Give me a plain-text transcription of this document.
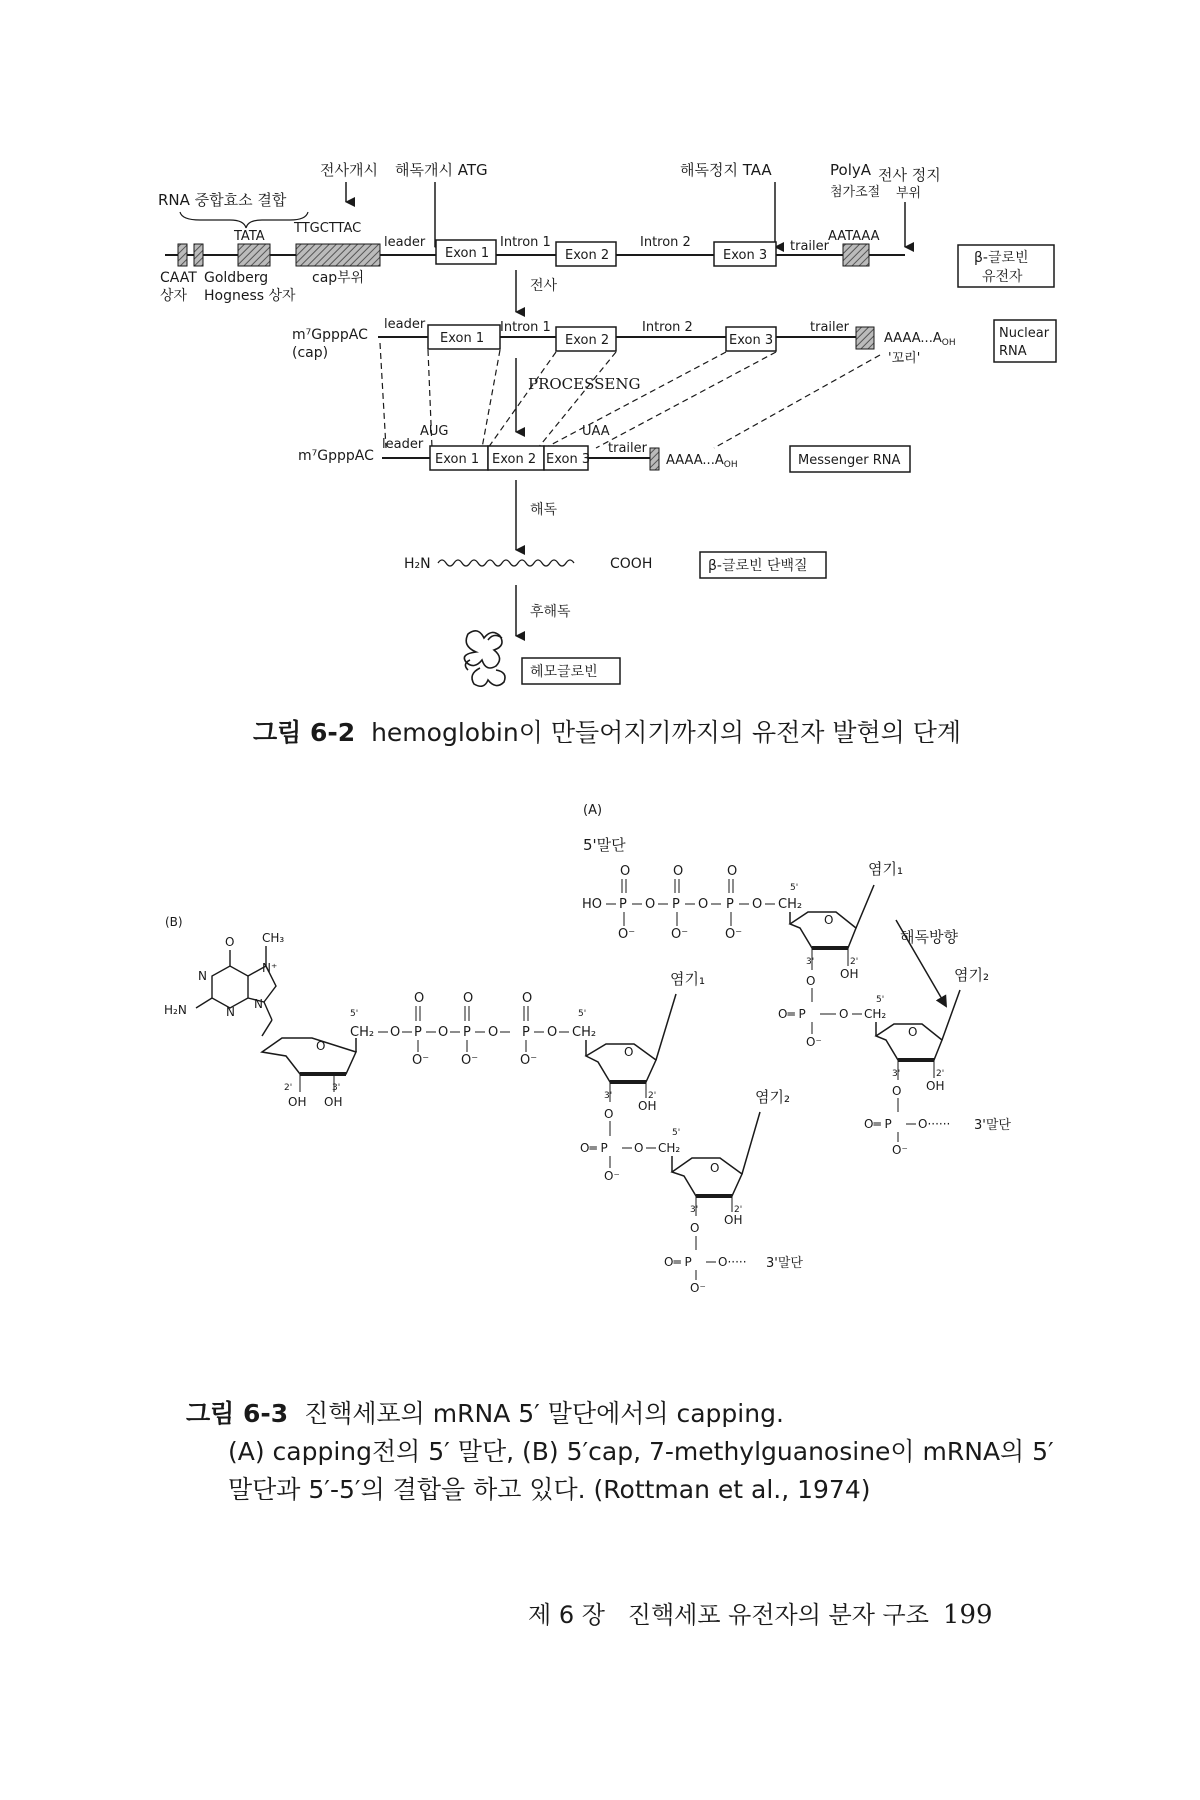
전사개시 해독개시 ATG	해독정지 TAA	PolyA
첨가조절
전사 정지
부위
RNA 중합효소 결합
TATA
TTGCTTAC
CAAT
상자
Goldberg
Hogness 상자
cap부위
leader
Exon 1
Intron 1
Exon 2
Intron 2
Exon 3
trailer
AATAAA
β-글로빈
유전자
전사
m⁷GpppAC
(cap)
leader
Exon 1
Intron 1
Exon 2
Intron 2
Exon 3
trailer
$AAAA...A_{OH}$
'꼬리'
Nuclear
RNA
PROCESSENG
AUG	UAA
m⁷GpppAC
leader
Exon 1 Exon 2 Exon 3
trailer
$AAAA...A_{OH}$	Messenger RNA
해독
H₂N	COOH	β-글로빈 단백질
후해독
헤모글로빈
그림 6-2 hemoglobin이 만들어지기까지의 유전자 발현의 단계
(A)
5'말단
HO P O P O P O CH₂
O	O	O
O⁻	O⁻	O⁻
5'
염기₁
O
3'	2'
OH
O
O═ P	O CH₂
5'
O⁻
염기₂
해독방향
O
3'	2'
OH
O
O═ P O······
O⁻
3'말단
(B)
O CH₃
N
N⁺
N
N
H₂N
O
2'	3'
OH OH
5'
CH₂ O P O P O P O CH₂
5'
O	O	O
O⁻ O⁻	O⁻
염기₁
O
3'	2'
OH
O
O═ P O CH₂
5'
O⁻
염기₂
O
3'	2'
OH
O
O═ P O·····
O⁻
3'말단
그림 6-3 진핵세포의 mRNA 5′ 말단에서의 capping.
(A) capping전의 5′ 말단, (B) 5′cap, 7-methylguanosine이 mRNA의 5′
말단과 5′-5′의 결합을 하고 있다. (Rottman et al., 1974)
제 6 장 진핵세포 유전자의 분자 구조 199
